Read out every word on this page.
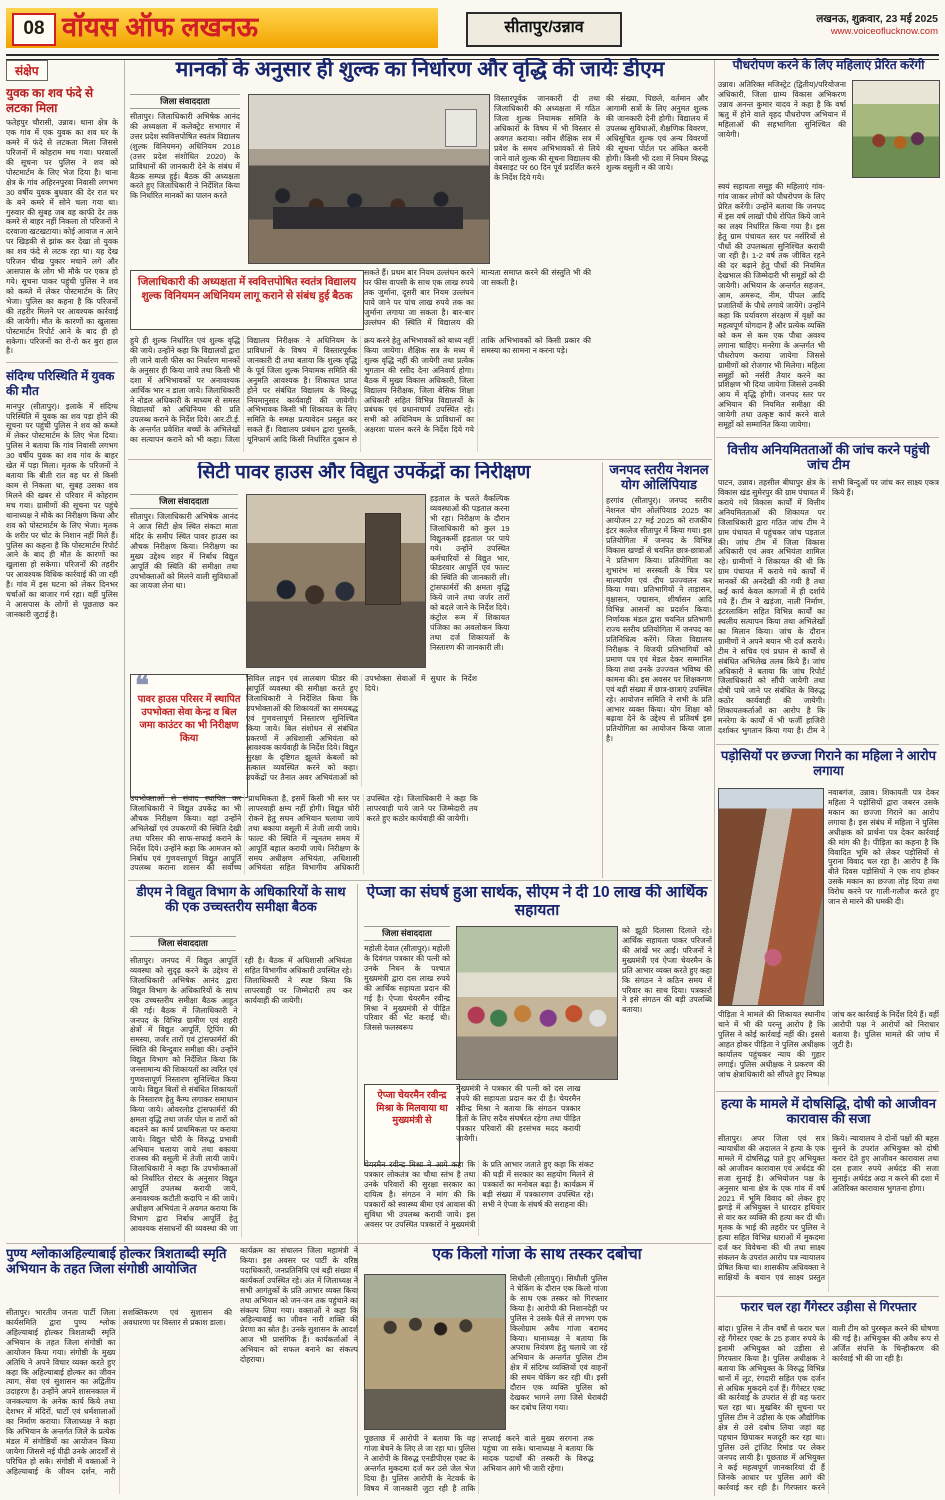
08 वॉयस ऑफ लखनऊ	सीतापुर/उन्नाव	लखनऊ, शुक्रवार, 23 मई 2025
www.voiceoflucknow.com
संक्षेप
युवक का शव फंदे से लटका मिला
फतेहपुर चौरासी, उन्नाव। थाना क्षेत्र के एक गांव में एक युवक का शव घर के कमरे में फंदे से लटकता मिला जिससे परिजनों में कोहराम मच गया। घरवालों की सूचना पर पुलिस ने शव को पोस्टमार्टम के लिए भेज दिया है। थाना क्षेत्र के गांव अहिरनपुरवा निवासी लगभग 30 वर्षीय युवक बुधवार की देर रात घर के बने कमरे में सोने चला गया था। गुरुवार की सुबह जब वह काफी देर तक कमरे से बाहर नहीं निकला तो परिजनों ने दरवाजा खटखटाया। कोई आवाज न आने पर खिड़की से झांक कर देखा तो युवक का शव फंदे से लटक रहा था। यह देख परिजन चीख पुकार मचाने लगे और आसपास के लोग भी मौके पर एकत्र हो गये। सूचना पाकर पहुंची पुलिस ने शव को कब्जे में लेकर पोस्टमार्टम के लिए भेजा। पुलिस का कहना है कि परिजनों की तहरीर मिलने पर आवश्यक कार्रवाई की जायेगी। मौत के कारणों का खुलासा पोस्टमार्टम रिपोर्ट आने के बाद ही हो सकेगा। परिजनों का रो-रो कर बुरा हाल है।
संदिग्ध परिस्थिति में युवक की मौत
मानपुर (सीतापुर)। इलाके में संदिग्ध परिस्थिति में युवक का शव पड़ा होने की सूचना पर पहुंची पुलिस ने शव को कब्जे में लेकर पोस्टमार्टम के लिए भेज दिया। पुलिस ने बताया कि गांव निवासी लगभग 30 वर्षीय युवक का शव गांव के बाहर खेत में पड़ा मिला। मृतक के परिजनों ने बताया कि बीती रात वह घर से किसी काम से निकला था, सुबह उसका शव मिलने की खबर से परिवार में कोहराम मच गया। ग्रामीणों की सूचना पर पहुंचे थानाध्यक्ष ने मौके का निरीक्षण किया और शव को पोस्टमार्टम के लिए भेजा। मृतक के शरीर पर चोट के निशान नहीं मिले हैं। पुलिस का कहना है कि पोस्टमार्टम रिपोर्ट आने के बाद ही मौत के कारणों का खुलासा हो सकेगा। परिजनों की तहरीर पर आवश्यक विधिक कार्रवाई की जा रही है। गांव में इस घटना को लेकर दिनभर चर्चाओं का बाजार गर्म रहा। वहीं पुलिस ने आसपास के लोगों से पूछताछ कर जानकारी जुटाई है।
मानकों के अनुसार ही शुल्क का निर्धारण और वृद्धि की जायेः डीएम
जिला संवाददाता
सीतापुर। जिलाधिकारी अभिषेक आनंद की अध्यक्षता में कलेक्ट्रेट सभागार में उत्तर प्रदेश स्ववित्तपोषित स्वतंत्र विद्यालय (शुल्क विनियमन) अधिनियम 2018 (उत्तर प्रदेश संशोधित 2020) के प्राविधानों की जानकारी देने के संबंध में बैठक सम्पन्न हुई। बैठक की अध्यक्षता करते हुए जिलाधिकारी ने निर्देशित किया कि निर्धारित मानकों का पालन करते
विस्तारपूर्वक जानकारी दी तथा जिलाधिकारी की अध्यक्षता में गठित जिला शुल्क नियामक समिति के अधिकारों के विषय में भी विस्तार से अवगत कराया। नवीन शैक्षिक सत्र में प्रवेश के समय अभिभावकों से लिये जाने वाले शुल्क की सूचना विद्यालय की वेबसाइट पर 60 दिन पूर्व प्रदर्शित करने के निर्देश दिये गये।
की संख्या, पिछले, वर्तमान और आगामी सत्रों के लिए अनुमत शुल्क की जानकारी देनी होगी। विद्यालय में उपलब्ध सुविधाओं, शैक्षणिक विवरण, अधिसूचित शुल्क एवं अन्य विवरणों की सूचना पोर्टल पर अंकित करनी होगी। किसी भी दशा में नियम विरुद्ध शुल्क वसूली न की जाये।
जिलाधिकारी की अध्यक्षता में स्ववित्तपोषित स्वतंत्र विद्यालय शुल्क विनियमन अधिनियम लागू कराने से संबंध हुई बैठक
सकते हैं। प्रथम बार नियम उल्लंघन करने पर फीस वापसी के साथ एक लाख रुपये तक जुर्माना, दूसरी बार नियम उल्लंघन पाये जाने पर पांच लाख रुपये तक का जुर्माना लगाया जा सकता है। बार-बार उल्लंघन की स्थिति में विद्यालय की मान्यता समाप्त करने की संस्तुति भी की जा सकती है।
हुये ही शुल्क निर्धारित एवं शुल्क वृद्धि की जाये। उन्होंने कहा कि विद्यालयों द्वारा ली जाने वाली फीस का निर्धारण मानकों के अनुसार ही किया जाये तथा किसी भी दशा में अभिभावकों पर अनावश्यक आर्थिक भार न डाला जाये। जिलाधिकारी ने नोडल अधिकारी के माध्यम से समस्त विद्यालयों को अधिनियम की प्रति उपलब्ध कराने के निर्देश दिये। आर.टी.ई. के अन्तर्गत प्रवेशित बच्चों के अभिलेखों का सत्यापन कराने को भी कहा। जिला विद्यालय निरीक्षक ने अधिनियम के प्राविधानों के विषय में विस्तारपूर्वक जानकारी दी तथा बताया कि शुल्क वृद्धि के पूर्व जिला शुल्क नियामक समिति की अनुमति आवश्यक है। शिकायत प्राप्त होने पर संबंधित विद्यालय के विरुद्ध नियमानुसार कार्यवाही की जायेगी। अभिभावक किसी भी शिकायत के लिए समिति के समक्ष प्रत्यावेदन प्रस्तुत कर सकते हैं। विद्यालय प्रबंधन द्वारा पुस्तकें, यूनिफार्म आदि किसी निर्धारित दुकान से क्रय करने हेतु अभिभावकों को बाध्य नहीं किया जायेगा। शैक्षिक सत्र के मध्य में शुल्क वृद्धि नहीं की जायेगी तथा प्रत्येक भुगतान की रसीद देना अनिवार्य होगा। बैठक में मुख्य विकास अधिकारी, जिला विद्यालय निरीक्षक, जिला बेसिक शिक्षा अधिकारी सहित विभिन्न विद्यालयों के प्रबंधक एवं प्रधानाचार्य उपस्थित रहे। सभी को अधिनियम के प्राविधानों का अक्षरशः पालन करने के निर्देश दिये गये ताकि अभिभावकों को किसी प्रकार की समस्या का सामना न करना पड़े।
सिटी पावर हाउस और विद्युत उपकेंद्रों का निरीक्षण
जिला संवाददाता
सीतापुर। जिलाधिकारी अभिषेक आनंद ने आज सिटी क्षेत्र स्थित संकटा माता मंदिर के समीप स्थित पावर हाउस का औचक निरीक्षण किया। निरीक्षण का मुख्य उद्देश्य शहर में निर्बाध विद्युत आपूर्ति की स्थिति की समीक्षा तथा उपभोक्ताओं को मिलने वाली सुविधाओं का जायजा लेना था।
हड़ताल के चलते वैकल्पिक व्यवस्थाओं की पड़ताल करना भी रहा। निरीक्षण के दौरान जिलाधिकारी को कुल 19 विद्युतकर्मी हड़ताल पर पाये गये। उन्होंने उपस्थित कर्मचारियों से विद्युत भार, फीडरवार आपूर्ति एवं फाल्ट की स्थिति की जानकारी ली। ट्रांसफार्मरों की क्षमता वृद्धि किये जाने तथा जर्जर तारों को बदले जाने के निर्देश दिये। कंट्रोल रूम में शिकायत पंजिका का अवलोकन किया तथा दर्ज शिकायतों के निस्तारण की जानकारी ली।
❝
पावर हाउस परिसर में स्थापित उपभोक्ता सेवा केन्द्र व बिल जमा काउंटर का भी निरीक्षण किया
सिविल लाइन एवं लालबाग फीडर की आपूर्ति व्यवस्था की समीक्षा करते हुए जिलाधिकारी ने निर्देशित किया कि उपभोक्ताओं की शिकायतों का समयबद्ध एवं गुणवत्तापूर्ण निस्तारण सुनिश्चित किया जाये। बिल संशोधन से संबंधित प्रकरणों में अधिशासी अभियंता को आवश्यक कार्यवाही के निर्देश दिये। विद्युत सुरक्षा के दृष्टिगत झूलते केबलों को तत्काल व्यवस्थित करने को कहा। उपकेंद्रों पर तैनात अवर अभियंताओं को उपभोक्ता सेवाओं में सुधार के निर्देश दिये।
उपभोक्ताओं से संवाद स्थापित कर जिलाधिकारी ने विद्युत उपकेंद्र का भी औचक निरीक्षण किया। वहां उन्होंने अभिलेखों एवं उपकरणों की स्थिति देखी तथा परिसर की साफ-सफाई कराने के निर्देश दिये। उन्होंने कहा कि आमजन को निर्बाध एवं गुणवत्तापूर्ण विद्युत आपूर्ति उपलब्ध कराना शासन की सर्वोच्च प्राथमिकता है, इसमें किसी भी स्तर पर लापरवाही क्षम्य नहीं होगी। विद्युत चोरी रोकने हेतु सघन अभियान चलाया जाये तथा बकाया वसूली में तेजी लायी जाये। फाल्ट की स्थिति में न्यूनतम समय में आपूर्ति बहाल करायी जाये। निरीक्षण के समय अधीक्षण अभियंता, अधिशासी अभियंता सहित विभागीय अधिकारी उपस्थित रहे। जिलाधिकारी ने कहा कि लापरवाही पाये जाने पर जिम्मेदारी तय करते हुए कठोर कार्यवाही की जायेगी।
जनपद स्तरीय नेशनल योग ओलिंपियाड
हरगांव (सीतापुर)। जनपद स्तरीय नेशनल योग ओलंपियाड 2025 का आयोजन 27 मई 2025 को राजकीय इंटर कालेज सीतापुर में किया गया। इस प्रतियोगिता में जनपद के विभिन्न विकास खण्डों से चयनित छात्र-छात्राओं ने प्रतिभाग किया। प्रतियोगिता का शुभारंभ मां सरस्वती के चित्र पर माल्यार्पण एवं दीप प्रज्ज्वलन कर किया गया। प्रतिभागियों ने ताड़ासन, वृक्षासन, पद्मासन, शीर्षासन आदि विभिन्न आसनों का प्रदर्शन किया। निर्णायक मंडल द्वारा चयनित प्रतिभागी राज्य स्तरीय प्रतियोगिता में जनपद का प्रतिनिधित्व करेंगे। जिला विद्यालय निरीक्षक ने विजयी प्रतिभागियों को प्रमाण पत्र एवं मेडल देकर सम्मानित किया तथा उनके उज्ज्वल भविष्य की कामना की। इस अवसर पर शिक्षकगण एवं बड़ी संख्या में छात्र-छात्राएं उपस्थित रहे। आयोजन समिति ने सभी के प्रति आभार व्यक्त किया। योग शिक्षा को बढ़ावा देने के उद्देश्य से प्रतिवर्ष इस प्रतियोगिता का आयोजन किया जाता है।
डीएम ने विद्युत विभाग के अधिकारियों के साथ की एक उच्चस्तरीय समीक्षा बैठक
जिला संवाददाता
सीतापुर। जनपद में विद्युत आपूर्ति व्यवस्था को सुदृढ़ करने के उद्देश्य से जिलाधिकारी अभिषेक आनंद द्वारा विद्युत विभाग के अधिकारियों के साथ एक उच्चस्तरीय समीक्षा बैठक आहूत की गई। बैठक में जिलाधिकारी ने जनपद के विभिन्न ग्रामीण एवं शहरी क्षेत्रों में विद्युत आपूर्ति, ट्रिपिंग की समस्या, जर्जर तारों एवं ट्रांसफार्मरों की स्थिति की बिन्दुवार समीक्षा की। उन्होंने विद्युत विभाग को निर्देशित किया कि जनसामान्य की शिकायतों का त्वरित एवं गुणवत्तापूर्ण निस्तारण सुनिश्चित किया जाये। विद्युत बिलों से संबंधित शिकायतों के निस्तारण हेतु कैम्प लगाकर समाधान किया जाये। ओवरलोड ट्रांसफार्मरों की क्षमता वृद्धि तथा जर्जर पोल व तारों को बदलने का कार्य प्राथमिकता पर कराया जाये। विद्युत चोरी के विरुद्ध प्रभावी अभियान चलाया जाये तथा बकाया राजस्व की वसूली में तेजी लायी जाये। जिलाधिकारी ने कहा कि उपभोक्ताओं को निर्धारित रोस्टर के अनुसार विद्युत आपूर्ति उपलब्ध करायी जाये, अनावश्यक कटौती कदापि न की जाये। अधीक्षण अभियंता ने अवगत कराया कि विभाग द्वारा निर्बाध आपूर्ति हेतु आवश्यक संसाधनों की व्यवस्था की जा रही है। बैठक में अधिशासी अभियंता सहित विभागीय अधिकारी उपस्थित रहे। जिलाधिकारी ने स्पष्ट किया कि लापरवाही पर जिम्मेदारी तय कर कार्यवाही की जायेगी।
ऐप्जा का संघर्ष हुआ सार्थक, सीएम ने दी 10 लाख की आर्थिक सहायता
जिला संवाददाता
महोली देवात (सीतापुर)। महोली के दिवंगत पत्रकार की पत्नी को उनके निधन के पश्चात मुख्यमंत्री द्वारा दस लाख रुपये की आर्थिक सहायता प्रदान की गई है। ऐप्जा चेयरमैन रवीन्द्र मिश्रा ने मुख्यमंत्री से पीड़ित परिवार की भेंट कराई थी। जिससे फलस्वरूप
को झूठी दिलासा दिलाते रहे। आर्थिक सहायता पाकर परिजनों की आंखें भर आईं। परिजनों ने मुख्यमंत्री एवं ऐप्जा चेयरमैन के प्रति आभार व्यक्त करते हुए कहा कि संगठन ने कठिन समय में परिवार का साथ दिया। पत्रकारों ने इसे संगठन की बड़ी उपलब्धि बताया।
ऐप्जा चेयरमैन रवीन्द्र मिश्रा के मिलवाया था मुख्यमंत्री से
मुख्यमंत्री ने पत्रकार की पत्नी को दस लाख रुपये की सहायता प्रदान कर दी है। चेयरमैन रवीन्द्र मिश्रा ने बताया कि संगठन पत्रकार हितों के लिए सदैव संघर्षरत रहेगा तथा पीड़ित पत्रकार परिवारों की हरसंभव मदद करायी जायेगी।
चेयरमैन रवीन्द्र मिश्रा ने आगे कहा कि पत्रकार लोकतंत्र का चौथा स्तंभ है तथा उनके परिवारों की सुरक्षा सरकार का दायित्व है। संगठन ने मांग की कि पत्रकारों को स्वास्थ्य बीमा एवं आवास की सुविधा भी उपलब्ध करायी जाये। इस अवसर पर उपस्थित पत्रकारों ने मुख्यमंत्री के प्रति आभार जताते हुए कहा कि संकट की घड़ी में सरकार का सहयोग मिलने से पत्रकारों का मनोबल बढ़ा है। कार्यक्रम में बड़ी संख्या में पत्रकारगण उपस्थित रहे। सभी ने ऐप्जा के संघर्ष की सराहना की।
पुण्य श्लोकाअहिल्याबाई होल्कर त्रिशताब्दी स्मृति अभियान के तहत जिला संगोष्ठी आयोजित
सीतापुर। भारतीय जनता पार्टी जिला कार्यसमिति द्वारा पुण्य श्लोक अहिल्याबाई होल्कर त्रिशताब्दी स्मृति अभियान के तहत जिला संगोष्ठी का आयोजन किया गया। संगोष्ठी के मुख्य अतिथि ने अपने विचार व्यक्त करते हुए कहा कि अहिल्याबाई होल्कर का जीवन त्याग, सेवा एवं सुशासन का अद्वितीय उदाहरण है। उन्होंने अपने शासनकाल में जनकल्याण के अनेक कार्य किये तथा देशभर में मंदिरों, घाटों एवं धर्मशालाओं का निर्माण कराया। जिलाध्यक्ष ने कहा कि अभियान के अन्तर्गत जिले के प्रत्येक मंडल में संगोष्ठियों का आयोजन किया जायेगा जिससे नई पीढ़ी उनके आदर्शों से परिचित हो सके। संगोष्ठी में वक्ताओं ने अहिल्याबाई के जीवन दर्शन, नारी सशक्तिकरण एवं सुशासन की अवधारणा पर विस्तार से प्रकाश डाला।
कार्यक्रम का संचालन जिला महामंत्री ने किया। इस अवसर पर पार्टी के वरिष्ठ पदाधिकारी, जनप्रतिनिधि एवं बड़ी संख्या में कार्यकर्ता उपस्थित रहे। अंत में जिलाध्यक्ष ने सभी आगंतुकों के प्रति आभार व्यक्त किया तथा अभियान को जन-जन तक पहुंचाने का संकल्प लिया गया। वक्ताओं ने कहा कि अहिल्याबाई का जीवन नारी शक्ति की प्रेरणा का स्रोत है। उनके सुशासन के आदर्श आज भी प्रासंगिक हैं। कार्यकर्ताओं ने अभियान को सफल बनाने का संकल्प दोहराया।
एक किलो गांजा के साथ तस्कर दबोचा
सिधौली (सीतापुर)। सिधौली पुलिस ने चेकिंग के दौरान एक किलो गांजा के साथ एक तस्कर को गिरफ्तार किया है। आरोपी की निशानदेही पर पुलिस ने उसके थैले से लगभग एक किलोग्राम अवैध गांजा बरामद किया। थानाध्यक्ष ने बताया कि अपराध नियंत्रण हेतु चलाये जा रहे अभियान के अन्तर्गत पुलिस टीम क्षेत्र में संदिग्ध व्यक्तियों एवं वाहनों की सघन चेकिंग कर रही थी। इसी दौरान एक व्यक्ति पुलिस को देखकर भागने लगा जिसे घेराबंदी कर दबोच लिया गया।
पूछताछ में आरोपी ने बताया कि वह गांजा बेचने के लिए ले जा रहा था। पुलिस ने आरोपी के विरुद्ध एनडीपीएस एक्ट के अन्तर्गत मुकदमा दर्ज कर उसे जेल भेज दिया है। पुलिस आरोपी के नेटवर्क के विषय में जानकारी जुटा रही है ताकि सप्लाई करने वाले मुख्य सरगना तक पहुंचा जा सके। थानाध्यक्ष ने बताया कि मादक पदार्थों की तस्करी के विरुद्ध अभियान आगे भी जारी रहेगा।
पौधरोपण करने के लिए महिलाएं प्रेरित करेंगी
उन्नाव। अतिरिक्त मजिस्ट्रेट (द्वितीय)/परियोजना अधिकारी, जिला ग्राम्य विकास अभिकरण उन्नाव अनन्त कुमार यादव ने कहा है कि वर्षा ऋतु में होने वाले वृहद पौधरोपण अभियान में महिलाओं की सहभागिता सुनिश्चित की जायेगी।
स्वयं सहायता समूह की महिलाएं गांव-गांव जाकर लोगों को पौधरोपण के लिए प्रेरित करेंगी। उन्होंने बताया कि जनपद में इस वर्ष लाखों पौधे रोपित किये जाने का लक्ष्य निर्धारित किया गया है। इस हेतु ग्राम पंचायत स्तर पर नर्सरियों से पौधों की उपलब्धता सुनिश्चित करायी जा रही है। 1-2 वर्ष तक जीवित रहने की दर बढ़ाने हेतु पौधों की नियमित देखभाल की जिम्मेदारी भी समूहों को दी जायेगी। अभियान के अन्तर्गत सहजन, आम, अमरूद, नीम, पीपल आदि प्रजातियों के पौधे लगाये जायेंगे। उन्होंने कहा कि पर्यावरण संरक्षण में वृक्षों का महत्वपूर्ण योगदान है और प्रत्येक व्यक्ति को कम से कम एक पौधा अवश्य लगाना चाहिए। मनरेगा के अन्तर्गत भी पौधरोपण कराया जायेगा जिससे ग्रामीणों को रोजगार भी मिलेगा। महिला समूहों को नर्सरी तैयार करने का प्रशिक्षण भी दिया जायेगा जिससे उनकी आय में वृद्धि होगी। जनपद स्तर पर अभियान की नियमित समीक्षा की जायेगी तथा उत्कृष्ट कार्य करने वाले समूहों को सम्मानित किया जायेगा।
वित्तीय अनियमितताओं की जांच करने पहुंची जांच टीम
पाटन, उन्नाव। तहसील बीघापुर क्षेत्र के विकास खंड सुमेरपुर की ग्राम पंचायत में कराये गये विकास कार्यों में वित्तीय अनियमितताओं की शिकायत पर जिलाधिकारी द्वारा गठित जांच टीम ने ग्राम पंचायत में पहुंचकर जांच पड़ताल की। जांच टीम में जिला विकास अधिकारी एवं अवर अभियंता शामिल रहे। ग्रामीणों ने शिकायत की थी कि ग्राम पंचायत में कराये गये कार्यों में मानकों की अनदेखी की गयी है तथा कई कार्य केवल कागजों में ही दर्शाये गये हैं। टीम ने खड़ंजा, नाली निर्माण, इंटरलाकिंग सहित विभिन्न कार्यों का स्थलीय सत्यापन किया तथा अभिलेखों का मिलान किया। जांच के दौरान ग्रामीणों ने अपने बयान भी दर्ज कराये। टीम ने सचिव एवं प्रधान से कार्यों से संबंधित अभिलेख तलब किये हैं। जांच अधिकारी ने बताया कि जांच रिपोर्ट जिलाधिकारी को सौंपी जायेगी तथा दोषी पाये जाने पर संबंधित के विरुद्ध कठोर कार्यवाही की जायेगी। शिकायतकर्ताओं का आरोप है कि मनरेगा के कार्यों में भी फर्जी हाजिरी दर्शाकर भुगतान किया गया है। टीम ने सभी बिन्दुओं पर जांच कर साक्ष्य एकत्र किये हैं।
पड़ोसियों पर छज्जा गिराने का महिला ने आरोप लगाया
नवाबगंज, उन्नाव। शिकायती पत्र देकर महिला ने पड़ोसियों द्वारा जबरन उसके मकान का छज्जा गिराने का आरोप लगाया है। इस संबंध में महिला ने पुलिस अधीक्षक को प्रार्थना पत्र देकर कार्रवाई की मांग की है। पीड़िता का कहना है कि विवादित भूमि को लेकर पड़ोसियों से पुराना विवाद चल रहा है। आरोप है कि बीते दिवस पड़ोसियों ने एक राय होकर उसके मकान का छज्जा तोड़ दिया तथा विरोध करने पर गाली-गलौज करते हुए जान से मारने की धमकी दी।
पीड़िता ने मामले की शिकायत स्थानीय थाने में भी की परन्तु आरोप है कि पुलिस ने कोई कार्रवाई नहीं की। इससे आहत होकर पीड़िता ने पुलिस अधीक्षक कार्यालय पहुंचकर न्याय की गुहार लगाई। पुलिस अधीक्षक ने प्रकरण की जांच क्षेत्राधिकारी को सौंपते हुए निष्पक्ष जांच कर कार्रवाई के निर्देश दिये हैं। वहीं आरोपी पक्ष ने आरोपों को निराधार बताया है। पुलिस मामले की जांच में जुटी है।
हत्या के मामले में दोषसिद्धि, दोषी को आजीवन कारावास की सजा
सीतापुर। अपर जिला एवं सत्र न्यायाधीश की अदालत ने हत्या के एक मामले में दोषसिद्ध पाते हुए अभियुक्त को आजीवन कारावास एवं अर्थदंड की सजा सुनाई है। अभियोजन पक्ष के अनुसार थाना क्षेत्र के एक गांव में वर्ष 2021 में भूमि विवाद को लेकर हुए झगड़े में अभियुक्त ने धारदार हथियार से वार कर व्यक्ति की हत्या कर दी थी। मृतक के भाई की तहरीर पर पुलिस ने हत्या सहित विभिन्न धाराओं में मुकदमा दर्ज कर विवेचना की थी तथा साक्ष्य संकलन के उपरांत आरोप पत्र न्यायालय प्रेषित किया था। शासकीय अधिवक्ता ने साक्षियों के बयान एवं साक्ष्य प्रस्तुत किये। न्यायालय ने दोनों पक्षों की बहस सुनने के उपरांत अभियुक्त को दोषी करार देते हुए आजीवन कारावास तथा दस हजार रुपये अर्थदंड की सजा सुनाई। अर्थदंड अदा न करने की दशा में अतिरिक्त कारावास भुगतना होगा।
फरार चल रहा गैंगेस्टर उड़ीसा से गिरफ्तार
बांदा। पुलिस ने तीन वर्षों से फरार चल रहे गैंगेस्टर एक्ट के 25 हजार रुपये के इनामी अभियुक्त को उड़ीसा से गिरफ्तार किया है। पुलिस अधीक्षक ने बताया कि अभियुक्त के विरुद्ध विभिन्न थानों में लूट, रंगदारी सहित एक दर्जन से अधिक मुकदमे दर्ज हैं। गैंगेस्टर एक्ट की कार्रवाई के उपरांत से ही वह फरार चल रहा था। मुखबिर की सूचना पर पुलिस टीम ने उड़ीसा के एक औद्योगिक क्षेत्र से उसे दबोच लिया जहां वह पहचान छिपाकर मजदूरी कर रहा था। पुलिस उसे ट्रांजिट रिमांड पर लेकर जनपद लायी है। पूछताछ में अभियुक्त ने कई महत्वपूर्ण जानकारियां दी हैं जिनके आधार पर पुलिस आगे की कार्रवाई कर रही है। गिरफ्तार करने वाली टीम को पुरस्कृत करने की घोषणा की गई है। अभियुक्त की अवैध रूप से अर्जित संपत्ति के चिन्हीकरण की कार्रवाई भी की जा रही है।
